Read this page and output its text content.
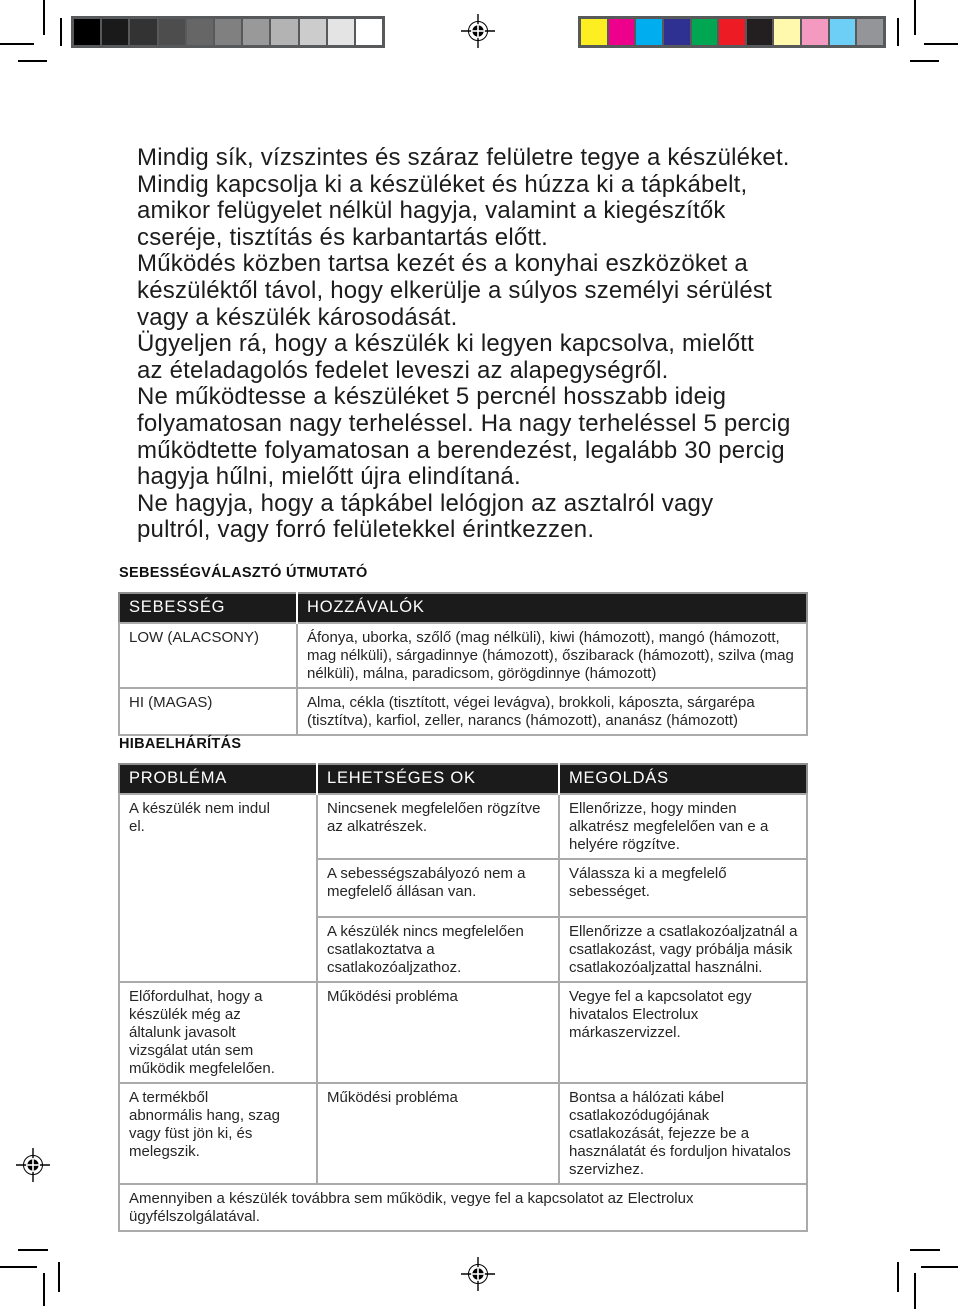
Mindig sík, vízszintes és száraz felületre tegye a készüléket.
Mindig kapcsolja ki a készüléket és húzza ki a tápkábelt,
amikor felügyelet nélkül hagyja, valamint a kiegészítők
cseréje, tisztítás és karbantartás előtt.
Működés közben tartsa kezét és a konyhai eszközöket a
készüléktől távol, hogy elkerülje a súlyos személyi sérülést
vagy a készülék károsodását.
Ügyeljen rá, hogy a készülék ki legyen kapcsolva, mielőtt
az ételadagolós fedelet leveszi az alapegységről.
Ne működtesse a készüléket 5 percnél hosszabb ideig
folyamatosan nagy terheléssel. Ha nagy terheléssel 5 percig
működtette folyamatosan a berendezést, legalább 30 percig
hagyja hűlni, mielőtt újra elindítaná.
Ne hagyja, hogy a tápkábel lelógjon az asztalról vagy
pultról, vagy forró felületekkel érintkezzen.
SEBESSÉGVÁLASZTÓ ÚTMUTATÓ
SEBESSÉG	HOZZÁVALÓK
LOW (ALACSONY)	Áfonya, uborka, szőlő (mag nélküli), kiwi (hámozott), mangó (hámozott, mag nélküli), sárgadinnye (hámozott), őszibarack (hámozott), szilva (mag nélküli), málna, paradicsom, görögdinnye (hámozott)
HI (MAGAS)	Alma, cékla (tisztított, végei levágva), brokkoli, káposzta, sárgarépa (tisztítva), karfiol, zeller, narancs (hámozott), ananász (hámozott)
HIBAELHÁRÍTÁS
PROBLÉMA	LEHETSÉGES OK	MEGOLDÁS
A készülék nem indul el.	Nincsenek megfelelően rögzítve az alkatrészek.	Ellenőrizze, hogy minden alkatrész megfelelően van e a helyére rögzítve.
	A sebességszabályozó nem a megfelelő állásan van.	Válassza ki a megfelelő sebességet.
	A készülék nincs megfelelően csatlakoztatva a csatlakozóaljzathoz.	Ellenőrizze a csatlakozóaljzatnál a csatlakozást, vagy próbálja másik csatlakozóaljzattal használni.
Előfordulhat, hogy a készülék még az általunk javasolt vizsgálat után sem működik megfelelően.	Működési probléma	Vegye fel a kapcsolatot egy hivatalos Electrolux márkaszervizzel.
A termékből abnormális hang, szag vagy füst jön ki, és melegszik.	Működési probléma	Bontsa a hálózati kábel csatlakozódugójának csatlakozását, fejezze be a használatát és forduljon hivatalos szervizhez.
Amennyiben a készülék továbbra sem működik, vegye fel a kapcsolatot az Electrolux ügyfélszolgálatával.		
